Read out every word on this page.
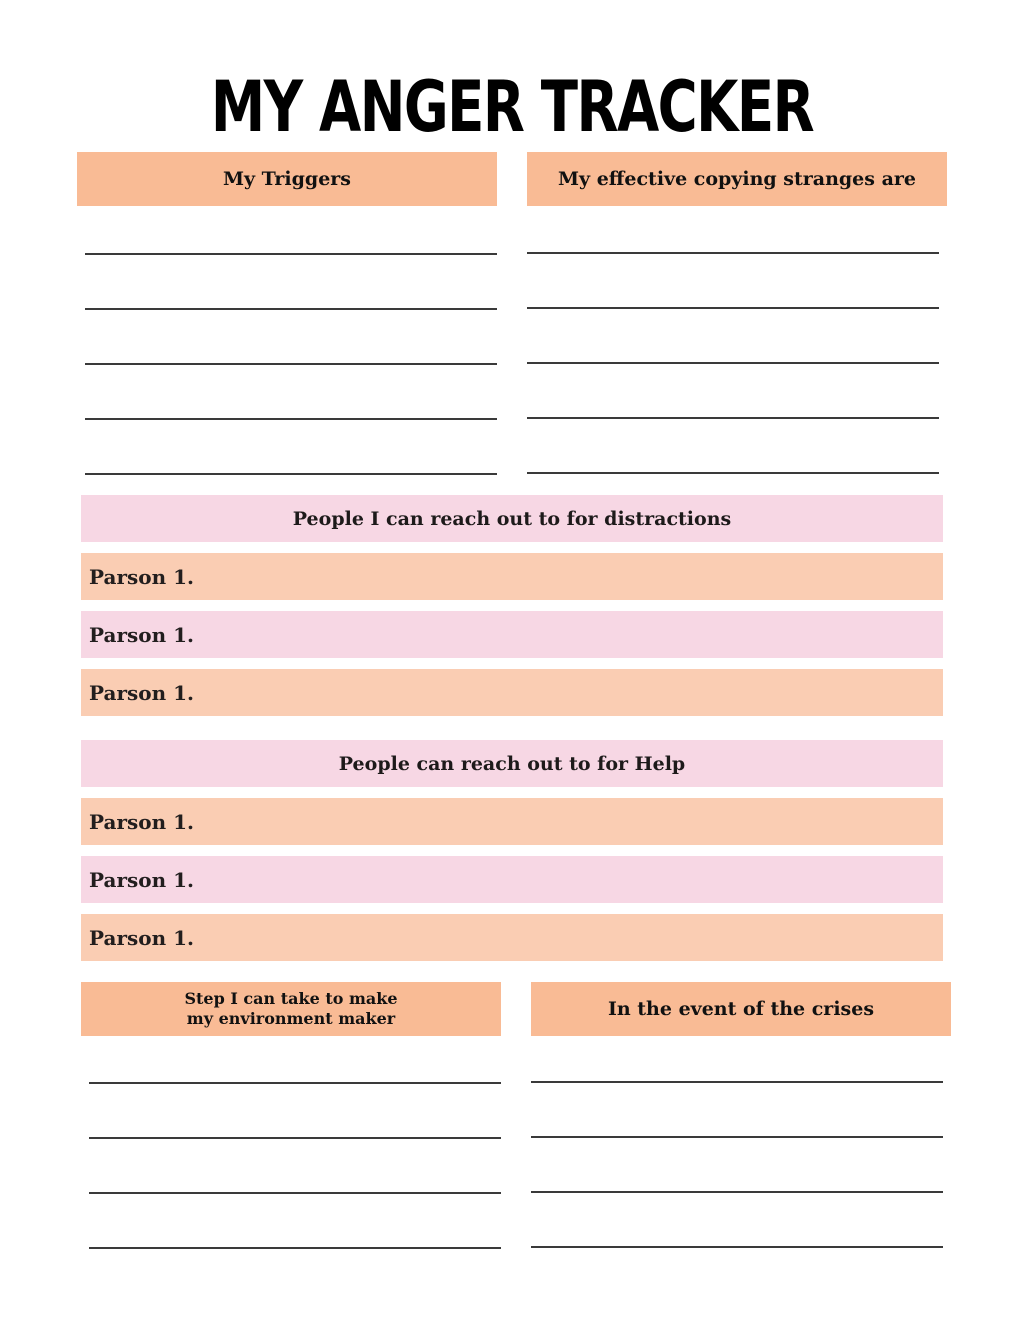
MY ANGER TRACKER
My Triggers	My effective copying stranges are
People I can reach out to for distractions
Parson 1.
Parson 1.
Parson 1.
People can reach out to for Help
Parson 1.
Parson 1.
Parson 1.
Step I can take to make my environment maker	In the event of the crises
